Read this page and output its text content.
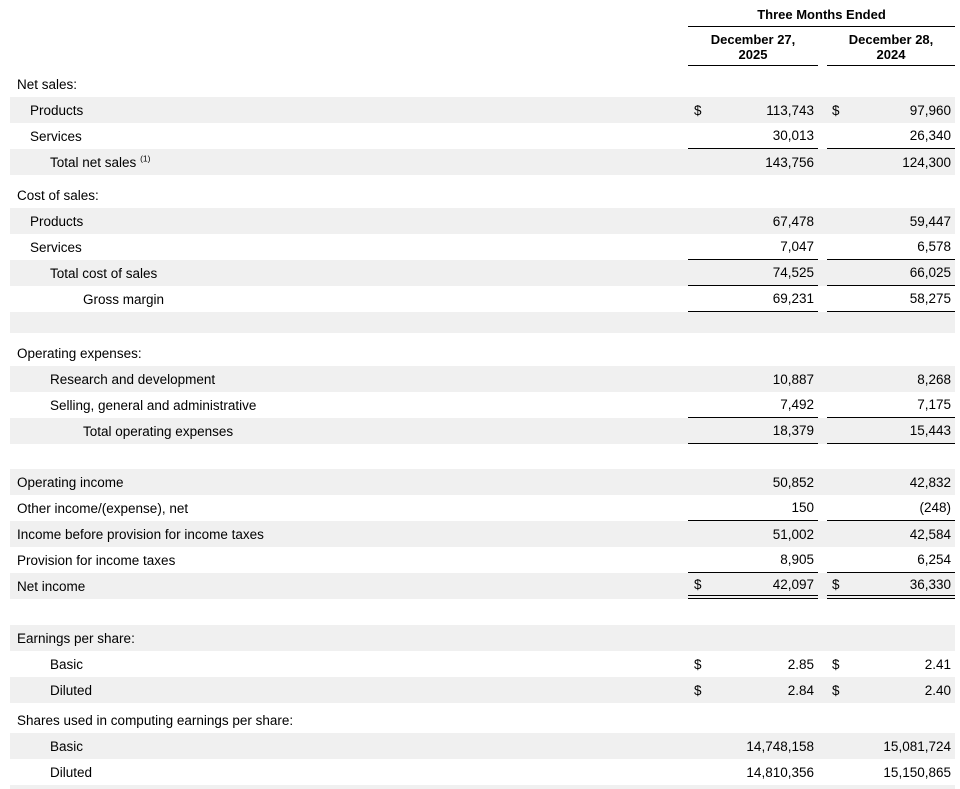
Three Months Ended
December 27,
2025
December 28,
2024
Net sales:
Products	$	113,743 $	97,960
Services	30,013	26,340
Total net sales $^{(1)}$	143,756	124,300
Cost of sales:
Products	67,478	59,447
Services	7,047	6,578
Total cost of sales	74,525	66,025
Gross margin	69,231	58,275
Operating expenses:
Research and development	10,887	8,268
Selling, general and administrative	7,492	7,175
Total operating expenses	18,379	15,443
Operating income	50,852	42,832
Other income/(expense), net	150	(248)
Income before provision for income taxes	51,002	42,584
Provision for income taxes	8,905	6,254
Net income	$	42,097 $	36,330
Earnings per share:
Basic	$	2.85 $	2.41
Diluted	$	2.84 $	2.40
Shares used in computing earnings per share:
Basic	14,748,158	15,081,724
Diluted	14,810,356	15,150,865
